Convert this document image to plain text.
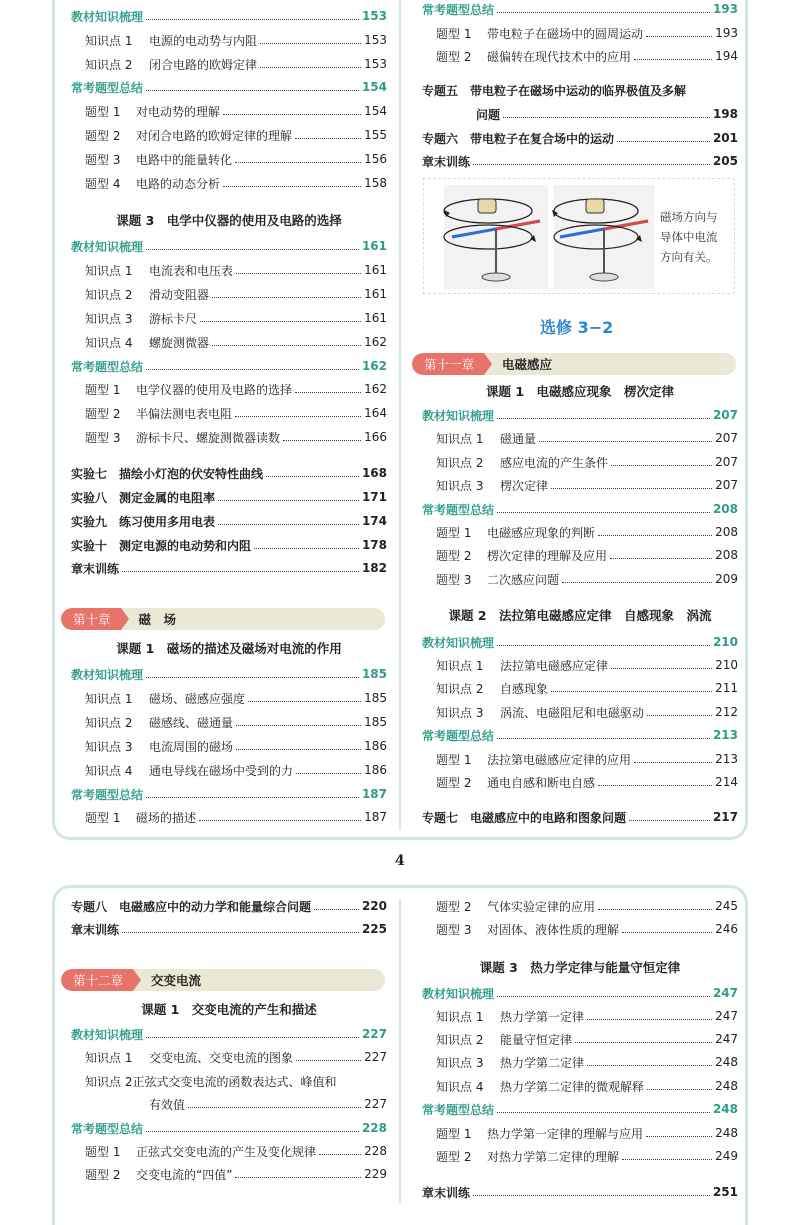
教材知识梳理	153
知识点 1 电源的电动势与内阻	153
知识点 2 闭合电路的欧姆定律	153
常考题型总结	154
题型 1 对电动势的理解	154
题型 2 对闭合电路的欧姆定律的理解	155
题型 3 电路中的能量转化	156
题型 4 电路的动态分析	158
课题 3　电学中仪器的使用及电路的选择
教材知识梳理	161
知识点 1 电流表和电压表	161
知识点 2 滑动变阻器	161
知识点 3 游标卡尺	161
知识点 4 螺旋测微器	162
常考题型总结	162
题型 1 电学仪器的使用及电路的选择	162
题型 2 半偏法测电表电阻	164
题型 3 游标卡尺、螺旋测微器读数	166
实验七　描绘小灯泡的伏安特性曲线	168
实验八　测定金属的电阻率	171
实验九　练习使用多用电表	174
实验十　测定电源的电动势和内阻	178
章末训练	182
第十章	磁　场
课题 1　磁场的描述及磁场对电流的作用
教材知识梳理	185
知识点 1 磁场、磁感应强度	185
知识点 2 磁感线、磁通量	185
知识点 3 电流周围的磁场	186
知识点 4 通电导线在磁场中受到的力	186
常考题型总结	187
题型 1 磁场的描述	187
常考题型总结	193
题型 1 带电粒子在磁场中的圆周运动	193
题型 2 磁偏转在现代技术中的应用	194
专题五　带电粒子在磁场中运动的临界极值及多解
问题	198
专题六　带电粒子在复合场中的运动	201
章末训练	205
第十一章	电磁感应
课题 1　电磁感应现象　楞次定律
教材知识梳理	207
知识点 1 磁通量	207
知识点 2 感应电流的产生条件	207
知识点 3 楞次定律	207
常考题型总结	208
题型 1 电磁感应现象的判断	208
题型 2 楞次定律的理解及应用	208
题型 3 二次感应问题	209
课题 2　法拉第电磁感应定律　自感现象　涡流
教材知识梳理	210
知识点 1 法拉第电磁感应定律	210
知识点 2 自感现象	211
知识点 3 涡流、电磁阻尼和电磁驱动	212
常考题型总结	213
题型 1 法拉第电磁感应定律的应用	213
题型 2 通电自感和断电自感	214
专题七　电磁感应中的电路和图象问题	217
专题八　电磁感应中的动力学和能量综合问题	220
章末训练	225
第十二章	交变电流
课题 1　交变电流的产生和描述
教材知识梳理	227
知识点 1 交变电流、交变电流的图象	227
知识点 2正弦式交变电流的函数表达式、峰值和
有效值	227
常考题型总结	228
题型 1 正弦式交变电流的产生及变化规律	228
题型 2 交变电流的“四值”	229
题型 2 气体实验定律的应用	245
题型 3 对固体、液体性质的理解	246
课题 3　热力学定律与能量守恒定律
教材知识梳理	247
知识点 1 热力学第一定律	247
知识点 2 能量守恒定律	247
知识点 3 热力学第二定律	248
知识点 4 热力学第二定律的微观解释	248
常考题型总结	248
题型 1 热力学第一定律的理解与应用	248
题型 2 对热力学第二定律的理解	249
章末训练	251
磁场方向与
导体中电流
方向有关。
选修 3−2
4
